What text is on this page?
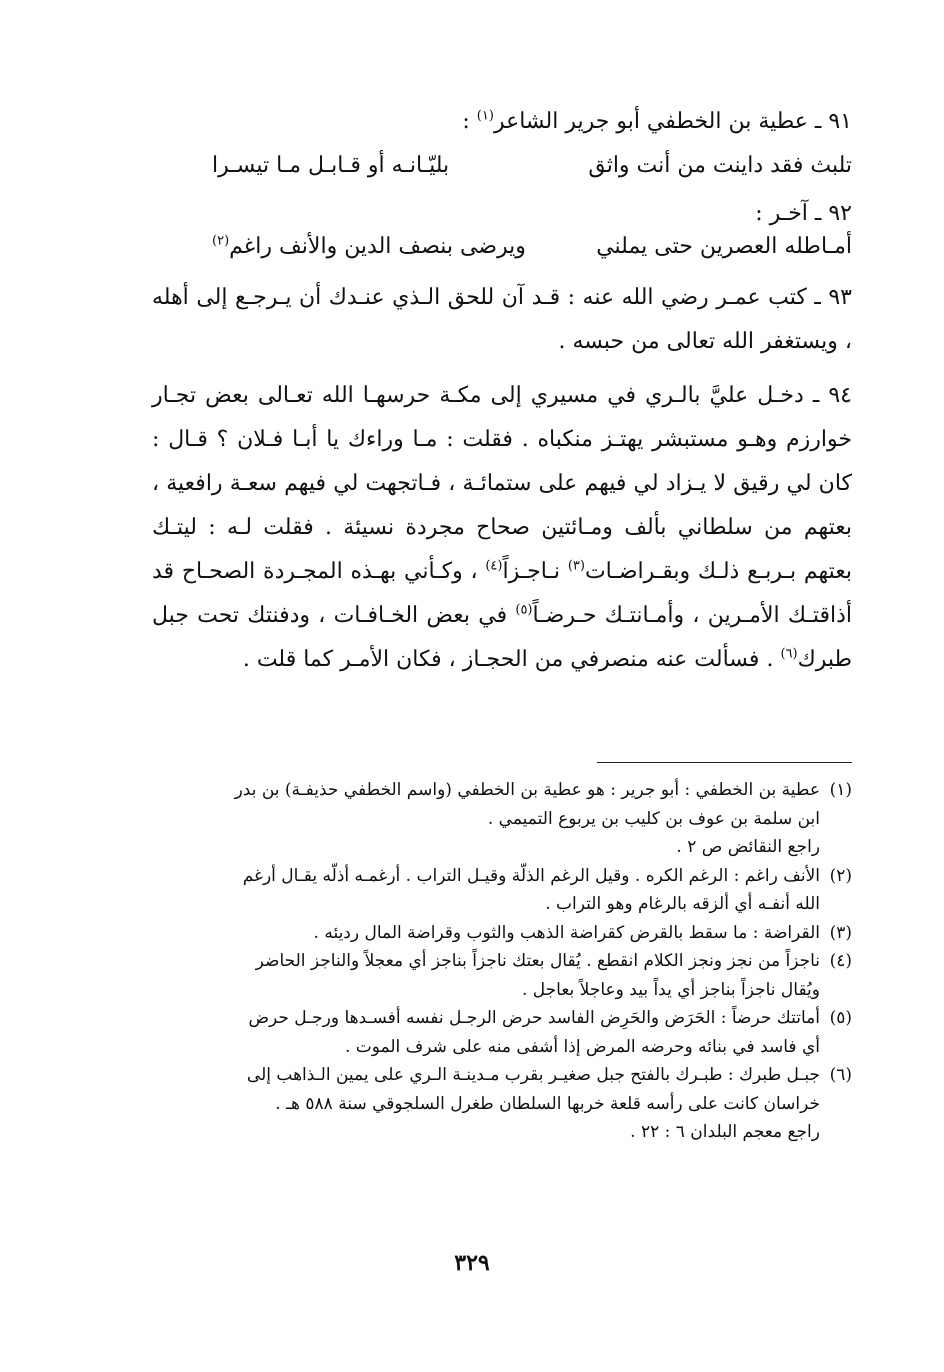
٩١ ـ عطية بن الخطفي أبو جرير الشاعر$^{(١)}$ :
تلبث فقد داينت من أنت واثق
بليّـانـه أو قـابـل مـا تيسـرا
٩٢ ـ آخـر :
أمـاطله العصرين حتى يملني
ويرضى بنصف الدين والأنف راغم$^{(٢)}$

٩٣ ـ كتب عمـر رضي الله عنه : قـد آن للحق الـذي عنـدك أن يـرجـع إلى أهله ، ويستغفر الله تعالى من حبسه .

٩٤ ـ دخـل عليَّ بالـري في مسيري إلى مكـة حرسهـا الله تعـالى بعض تجـار خوارزم وهـو مستبشر يهتـز منكباه . فقلت : مـا وراءك يا أبـا فـلان ؟ قـال : كان لي رقيق لا يـزاد لي فيهم على ستمائـة ، فـاتجهت لي فيهم سعـة رافعية ، بعتهم من سلطاني بألف ومـائتين صحاح مجردة نسيئة . فقلت لـه : ليتـك بعتهم بـربـع ذلـك وبقـراضـات$^{(٣)}$ نـاجـزاً$^{(٤)}$ ، وكـأني بهـذه المجـردة الصحـاح قد أذاقتـك الأمـرين ، وأمـانتـك حـرضـاً$^{(٥)}$ في بعض الخـافـات ، ودفنتك تحت جبل طبرك$^{(٦)}$ . فسألت عنه منصرفي من الحجـاز ، فكان الأمـر كما قلت .

(١)
عطية بن الخطفي : أبو جرير : هو عطية بن الخطفي (واسم الخطفي حذيفـة) بن بدر
ابن سلمة بن عوف بن كليب بن يربوع التميمي .
راجع النقائض ص ٢ .
(٢)
الأنف راغم : الرغم الكره . وقيل الرغم الذلّة وقيـل التراب . أرغمـه أذلّه يقـال أرغم
الله أنفـه أي ألزقه بالرغام وهو التراب .
(٣)
القراضة : ما سقط بالقرض كقراضة الذهب والثوب وقراضة المال رديئه .
(٤)
ناجزاً من نجز ونجز الكلام انقطع . يُقال بعتك ناجزاً بناجز أي معجلاً والناجز الحاضر
ويُقال ناجزاً بناجز أي يداً بيد وعاجلاً بعاجل .
(٥)
أماتتك حرضاً : الحَرَض والحَرِض الفاسد حرض الرجـل نفسه أفسـدها ورجـل حرض
أي فاسد في بنائه وحرضه المرض إذا أشفى منه على شرف الموت .
(٦)
جبـل طبرك : طبـرك بالفتح جبل صغيـر بقرب مـدينـة الـري على يمين الـذاهب إلى
خراسان كانت على رأسه قلعة خربها السلطان طغرل السلجوقي سنة ٥٨٨ هـ .
راجع معجم البلدان ٦ : ٢٢ .
٣٢٩
